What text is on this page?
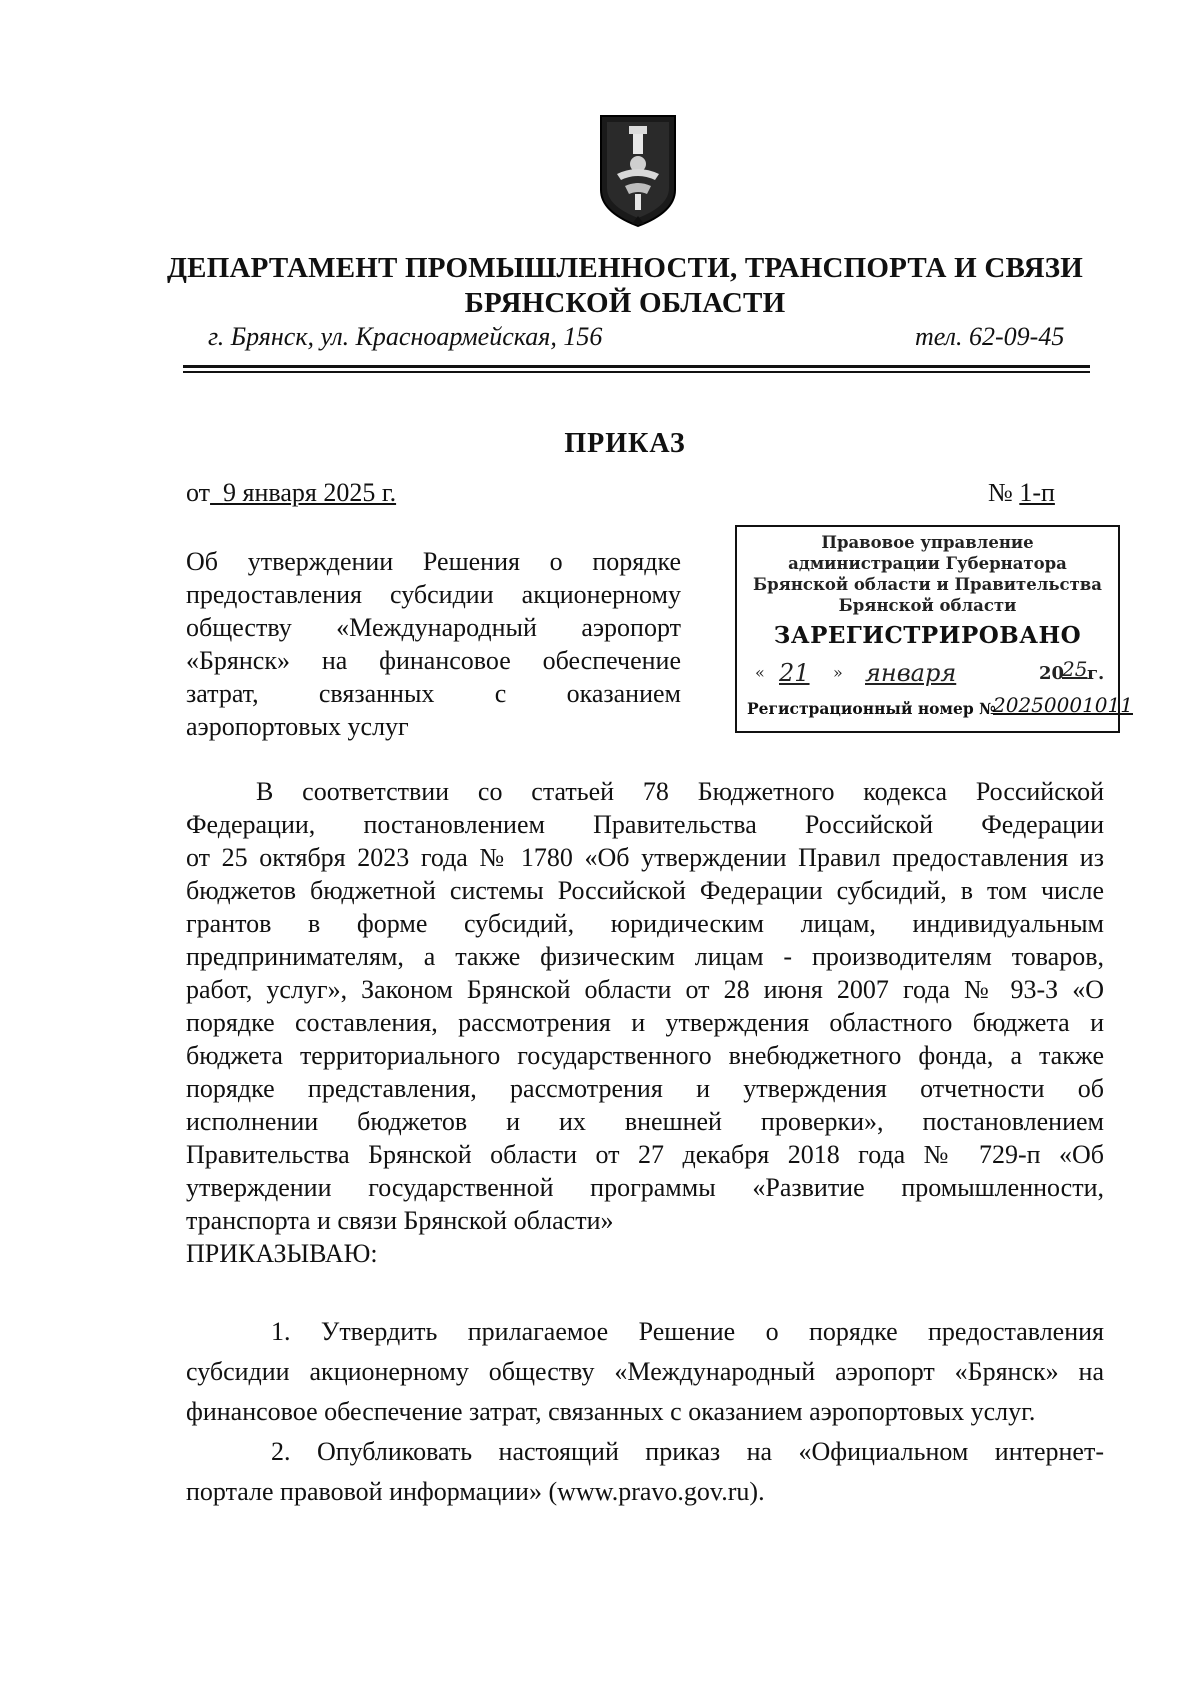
ДЕПАРТАМЕНТ ПРОМЫШЛЕННОСТИ, ТРАНСПОРТА И СВЯЗИ
БРЯНСКОЙ ОБЛАСТИ
г. Брянск, ул. Красноармейская, 156	тел. 62-09-45
ПРИКАЗ
от 9 января 2025 г.	№ 1-п
Об утверждении Решения о порядке
предоставления субсидии акционерному
обществу «Международный аэропорт
«Брянск» на финансовое обеспечение
затрат, связанных с оказанием
аэропортовых услуг
Правовое управление
администрации Губернатора
Брянской области и Правительства
Брянской области
ЗАРЕГИСТРИРОВАНО
« 21 » января	20
25 г.
Регистрационный номер №
20250001011
В соответствии со статьей 78 Бюджетного кодекса Российской
Федерации, постановлением Правительства Российской Федерации
от 25 октября 2023 года № 1780 «Об утверждении Правил предоставления из
бюджетов бюджетной системы Российской Федерации субсидий, в том числе
грантов в форме субсидий, юридическим лицам, индивидуальным
предпринимателям, а также физическим лицам - производителям товаров,
работ, услуг», Законом Брянской области от 28 июня 2007 года № 93-З «О
порядке составления, рассмотрения и утверждения областного бюджета и
бюджета территориального государственного внебюджетного фонда, а также
порядке представления, рассмотрения и утверждения отчетности об
исполнении бюджетов и их внешней проверки», постановлением
Правительства Брянской области от 27 декабря 2018 года № 729-п «Об
утверждении государственной программы «Развитие промышленности,
транспорта и связи Брянской области»
ПРИКАЗЫВАЮ:
1. Утвердить прилагаемое Решение о порядке предоставления
субсидии акционерному обществу «Международный аэропорт «Брянск» на
финансовое обеспечение затрат, связанных с оказанием аэропортовых услуг.
2. Опубликовать настоящий приказ на «Официальном интернет-
портале правовой информации» (www.pravo.gov.ru).
